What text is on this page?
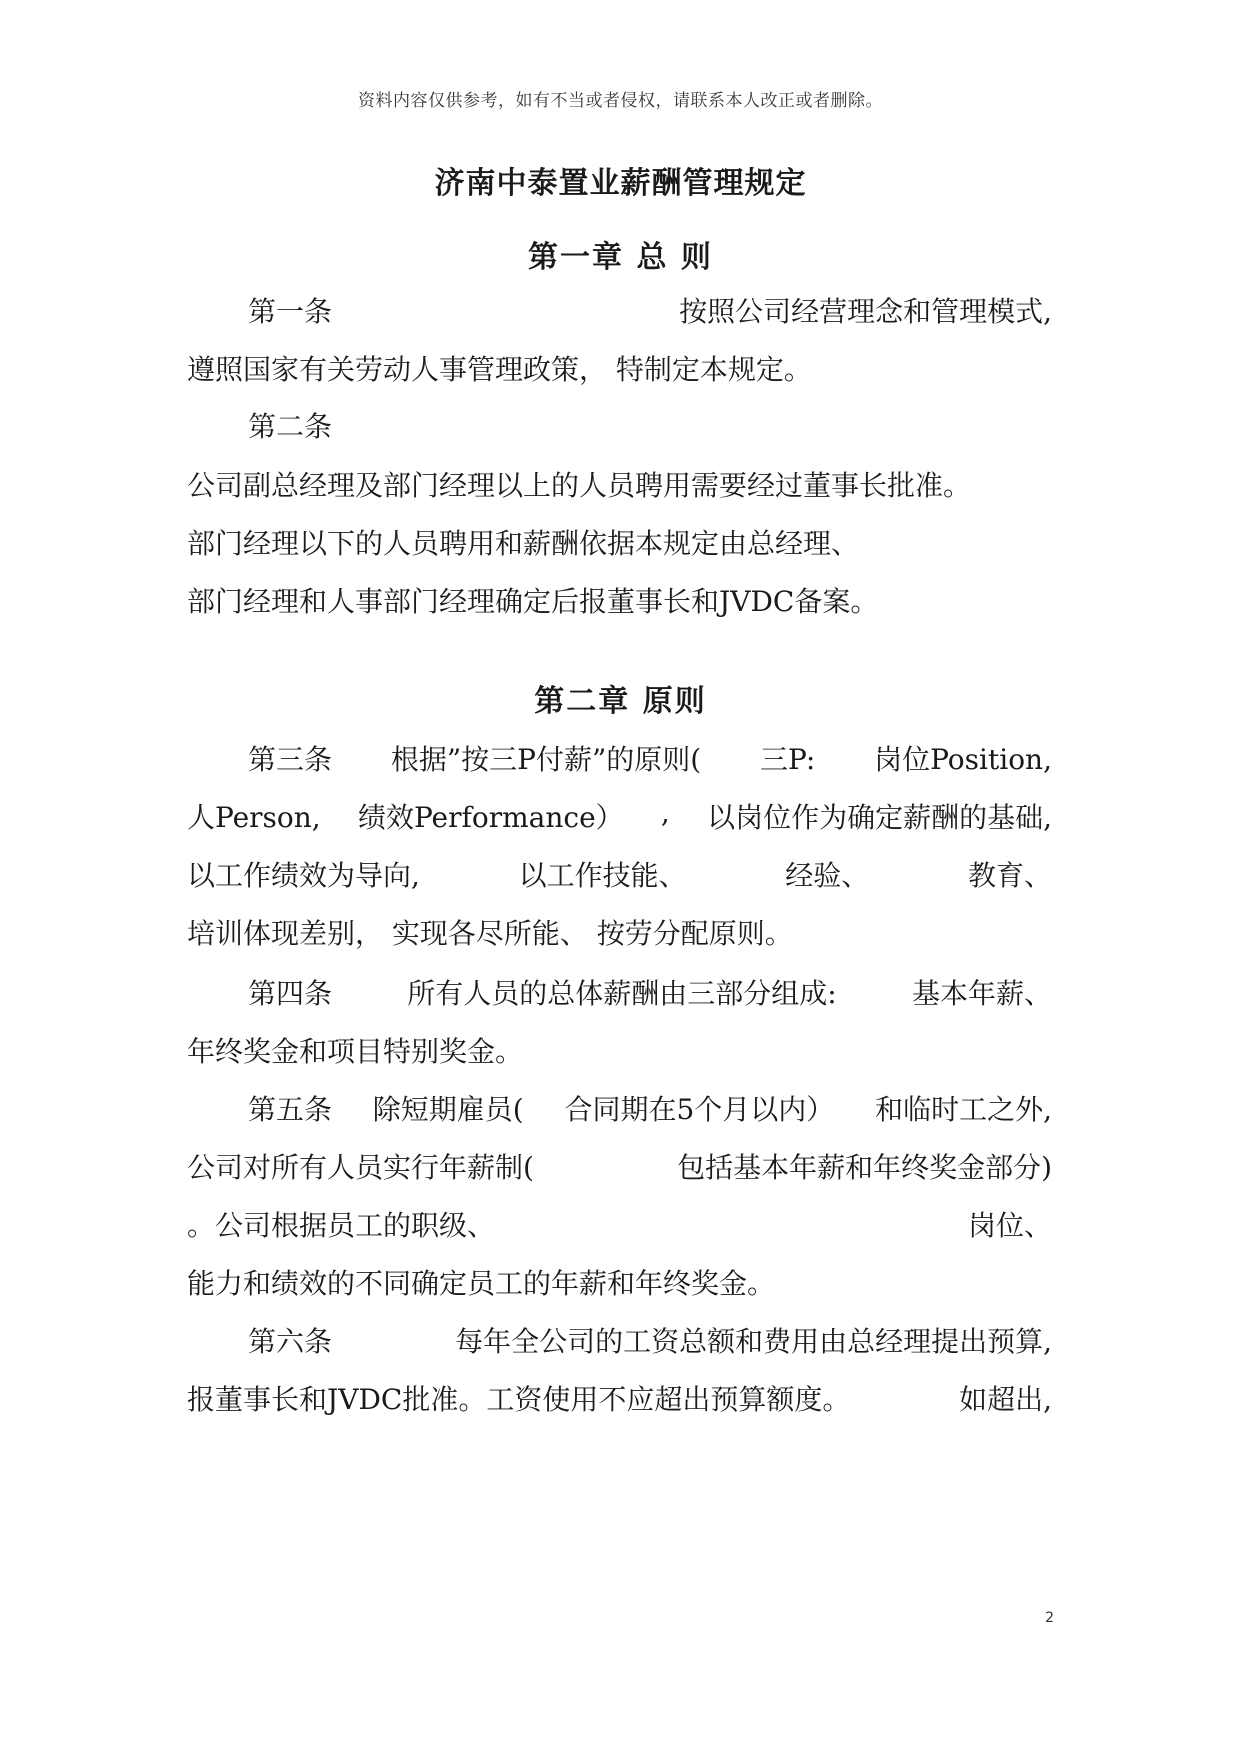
资料内容仅供参考，如有不当或者侵权，请联系本人改正或者删除。
济南中泰置业薪酬管理规定
第一章 总 则
第一条	按照公司经营理念和管理模式,
遵照国家有关劳动人事管理政策， 特制定本规定。
第二条
公司副总经理及部门经理以上的人员聘用需要经过董事长批准。
部门经理以下的人员聘用和薪酬依据本规定由总经理、
部门经理和人事部门经理确定后报董事长和JVDC备案。
第二章 原则
第三条 根据”按三P付薪”的原则( 三P: 岗位Position,
人Person, 绩效Performance） , 以岗位作为确定薪酬的基础,
以工作绩效为导向,	以工作技能、	经验、	教育、
培训体现差别， 实现各尽所能、 按劳分配原则。
第四条	所有人员的总体薪酬由三部分组成:	基本年薪、
年终奖金和项目特别奖金。
第五条 除短期雇员( 合同期在5个月以内） 和临时工之外,
公司对所有人员实行年薪制(	包括基本年薪和年终奖金部分)
。公司根据员工的职级、	岗位、
能力和绩效的不同确定员工的年薪和年终奖金。
第六条	每年全公司的工资总额和费用由总经理提出预算,
报董事长和JVDC批准。工资使用不应超出预算额度。	如超出,
2
